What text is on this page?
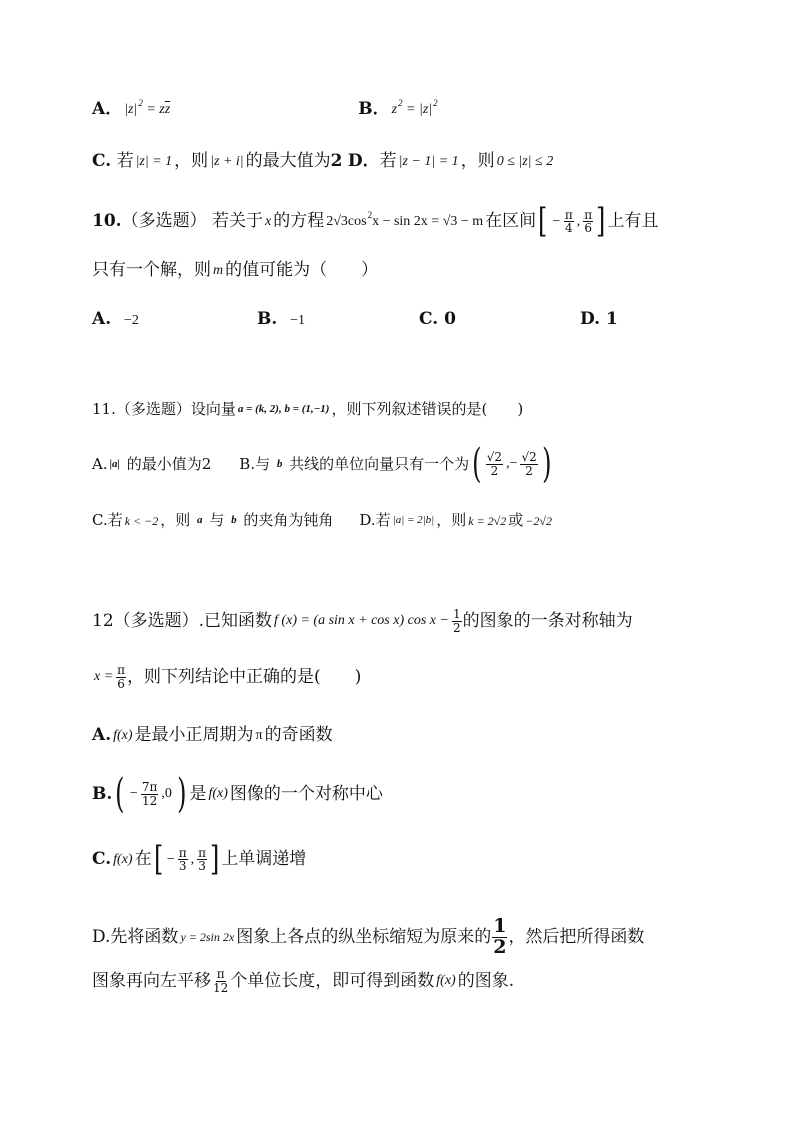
A． |z| 2
= z $\overline{z}$	B． z 2
= |z| 2
C.
若 |z| = 1 ，则 |z + i| 的最大值为 2
D． 若 |z − 1| = 1 ，则 0 ≤ |z| ≤ 2
10. （多选题）
若关于 x 的方程 2√3cos 2 x − sin 2x = √3 − m 在区间 [ − $\frac{\pi}{4}$ , $\frac{\pi}{6}$ ] 上有且
只有一个解，则 m 的值可能为（　　）
A. −2	B. −1	C. 0	D. 1
11.（多选题）设向量 a = (k, 2), b = (1,−1) ，则下列叙述错误的是(　　)
A. |a|
的最小值为2 B.与
b
共线的单位向量只有一个为 ( $\frac{√2}{2}$ ,− $\frac{√2}{2}$ )
C.若 k < −2 ，则
a
与
b
的夹角为钝角 D.若 |a| = 2|b| ，则 k = 2√2 或 −2√2
12（多选题）.已知函数 f (x) = (a sin x + cos x) $\cos x - \frac{1}{2}$ 的图象的一条对称轴为
$x = \frac{\pi}{6}$ ，则下列结论中正确的是(　　)
A. f(x) 是最小正周期为 π 的奇函数
B. ( − $\frac{7\pi}{12} ,0$ ) 是 f(x) 图像的一个对称中心
C. f(x) 在 [ − $\frac{\pi}{3}$ , $\frac{\pi}{3}$ ] 上单调递增
D.先将函数 y = 2sin 2x 图象上各点的纵坐标缩短为原来的 $\frac{1}{2}$ ，然后把所得函数
图象再向左平移 $\frac{\pi}{12}$ 个单位长度，即可得到函数 f(x) 的图象.
